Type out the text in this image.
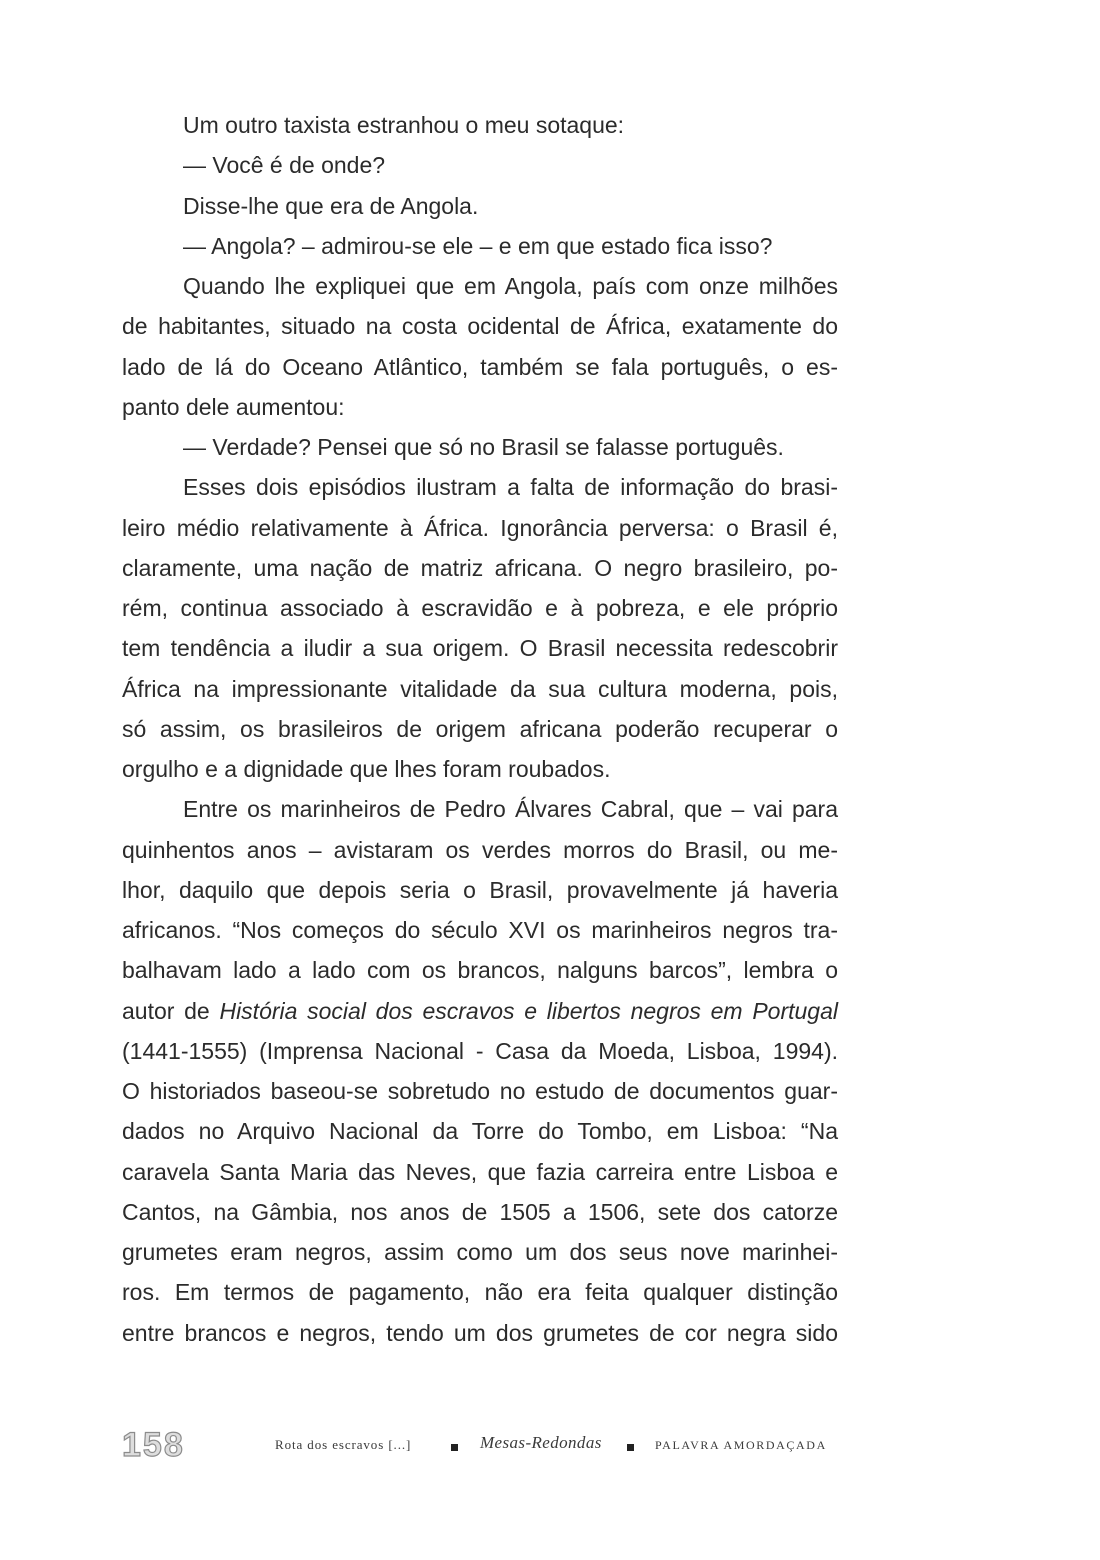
Um outro taxista estranhou o meu sotaque:
— Você é de onde?
Disse-lhe que era de Angola.
— Angola? – admirou-se ele – e em que estado fica isso?
Quando lhe expliquei que em Angola, país com onze milhões
de habitantes, situado na costa ocidental de África, exatamente do
lado de lá do Oceano Atlântico, também se fala português, o es-
panto dele aumentou:
— Verdade? Pensei que só no Brasil se falasse português.
Esses dois episódios ilustram a falta de informação do brasi-
leiro médio relativamente à África. Ignorância perversa: o Brasil é,
claramente, uma nação de matriz africana. O negro brasileiro, po-
rém, continua associado à escravidão e à pobreza, e ele próprio
tem tendência a iludir a sua origem. O Brasil necessita redescobrir
África na impressionante vitalidade da sua cultura moderna, pois,
só assim, os brasileiros de origem africana poderão recuperar o
orgulho e a dignidade que lhes foram roubados.
Entre os marinheiros de Pedro Álvares Cabral, que – vai para
quinhentos anos – avistaram os verdes morros do Brasil, ou me-
lhor, daquilo que depois seria o Brasil, provavelmente já haveria
africanos. “Nos começos do século XVI os marinheiros negros tra-
balhavam lado a lado com os brancos, nalguns barcos”, lembra o
autor de História social dos escravos e libertos negros em Portugal
(1441-1555) (Imprensa Nacional - Casa da Moeda, Lisboa, 1994).
O historiados baseou-se sobretudo no estudo de documentos guar-
dados no Arquivo Nacional da Torre do Tombo, em Lisboa: “Na
caravela Santa Maria das Neves, que fazia carreira entre Lisboa e
Cantos, na Gâmbia, nos anos de 1505 a 1506, sete dos catorze
grumetes eram negros, assim como um dos seus nove marinhei-
ros. Em termos de pagamento, não era feita qualquer distinção
entre brancos e negros, tendo um dos grumetes de cor negra sido
158	Rota dos escravos [...]	Mesas-Redondas	PALAVRA AMORDAÇADA
